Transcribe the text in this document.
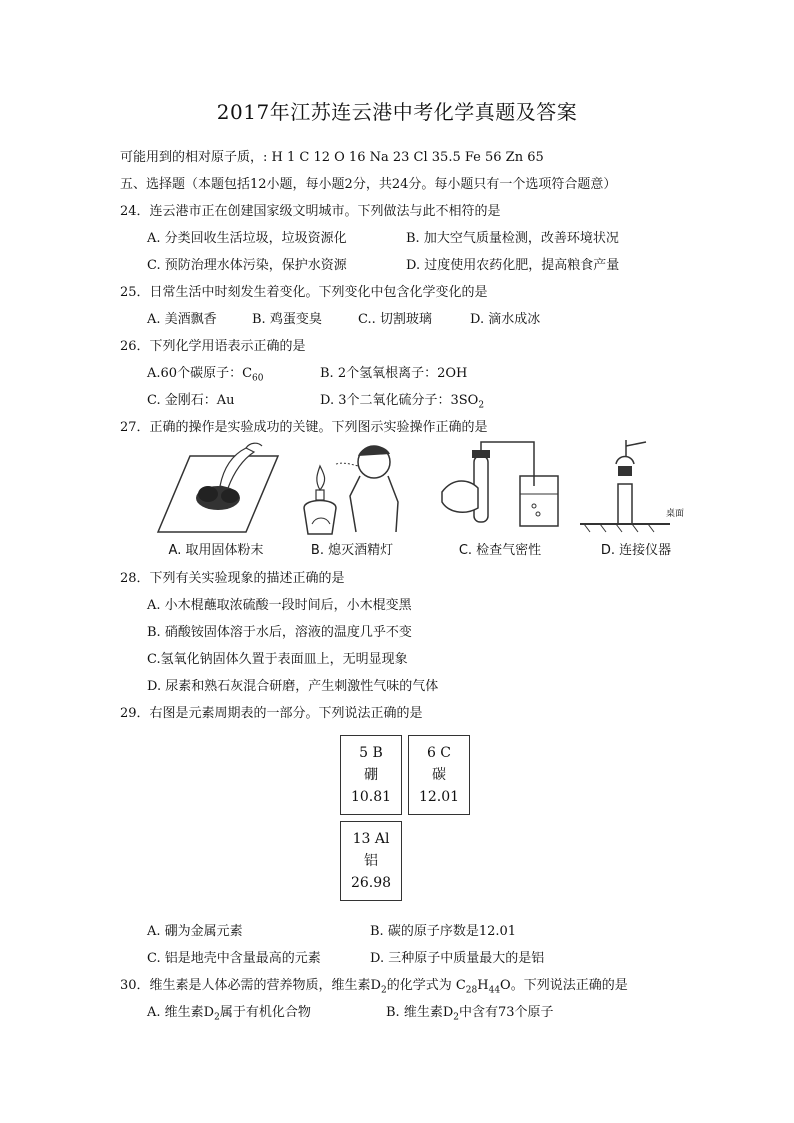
2017年江苏连云港中考化学真题及答案
可能用到的相对原子质，: H 1 C 12 O 16 Na 23 Cl 35.5 Fe 56 Zn 65
五、选择题（本题包括12小题，每小题2分，共24分。每小题只有一个选项符合题意）
24．连云港市正在创建国家级文明城市。下列做法与此不相符的是
A. 分类回收生活垃圾，垃圾资源化	B. 加大空气质量检测，改善环境状况
C. 预防治理水体污染，保护水资源	D. 过度使用农药化肥，提高粮食产量
25．日常生活中时刻发生着变化。下列变化中包含化学变化的是
A. 美酒飘香	B. 鸡蛋变臭	C.. 切割玻璃	D. 滴水成冰
26．下列化学用语表示正确的是
A.60个碳原子：$C_{60}$	B. 2个氢氧根离子：2OH
C. 金刚石：Au	D. 3个二氧化硫分子：$3SO_2$
27．正确的操作是实验成功的关键。下列图示实验操作正确的是
A. 取用固体粉末	B. 熄灭酒精灯	C. 检查气密性
桌面
D. 连接仪器
28．下列有关实验现象的描述正确的是
A. 小木棍蘸取浓硫酸一段时间后，小木棍变黑
B. 硝酸铵固体溶于水后，溶液的温度几乎不变
C.氢氧化钠固体久置于表面皿上，无明显现象
D. 尿素和熟石灰混合研磨，产生刺激性气味的气体
29．右图是元素周期表的一部分。下列说法正确的是
5 B
硼
10.81
6 C
碳
12.01
13 Al
铝
26.98
A. 硼为金属元素	B. 碳的原子序数是12.01
C. 铝是地壳中含量最高的元素	D. 三种原子中质量最大的是铝
30．维生素是人体必需的营养物质，维生素$D_2$的化学式为 $C_{28}H_{44}O$。下列说法正确的是
A. 维生素$D_2$属于有机化合物	B. 维生素$D_2$中含有73个原子
